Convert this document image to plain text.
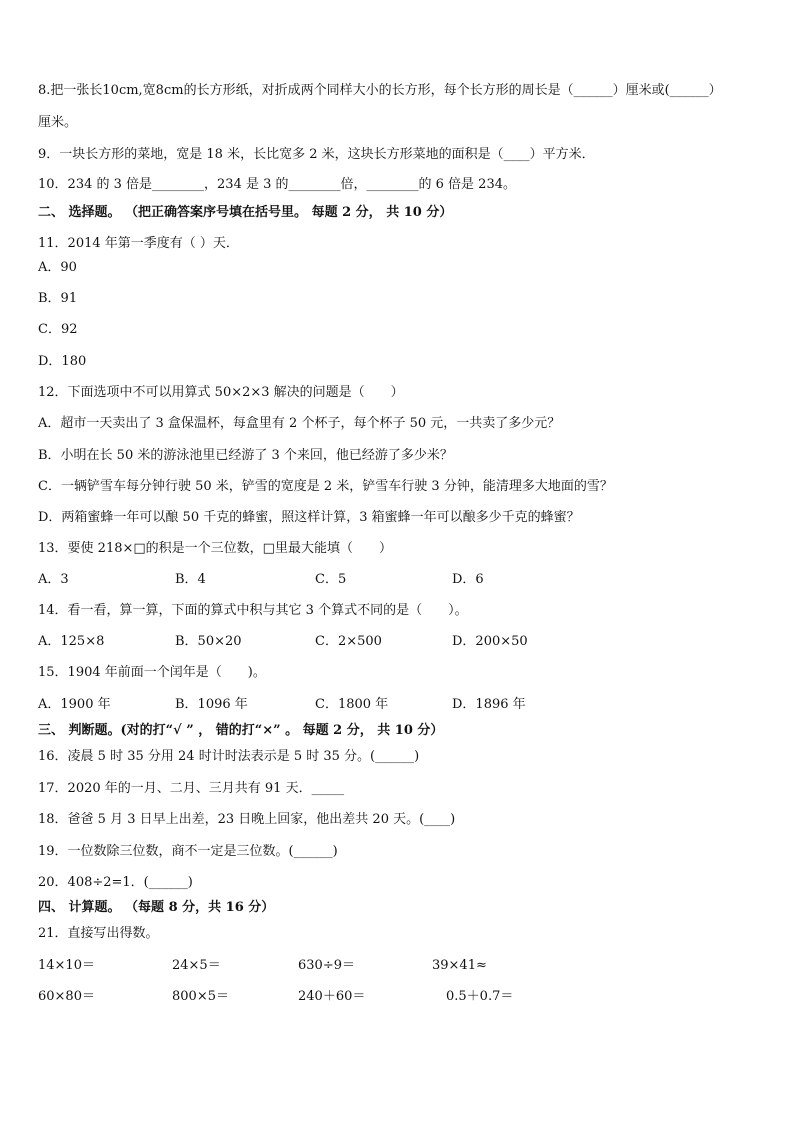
8.把一张长10cm,宽8cm的长方形纸，对折成两个同样大小的长方形，每个长方形的周长是（______）厘米或(______）
厘米。
9．一块长方形的菜地，宽是 18 米，长比宽多 2 米，这块长方形菜地的面积是（____）平方米．
10．234 的 3 倍是________，234 是 3 的________倍，________的 6 倍是 234。
二、 选择题。 （把正确答案序号填在括号里。 每题 2 分， 共 10 分）
11．2014 年第一季度有（ ）天．
A．90
B．91
C．92
D．180
12．下面选项中不可以用算式 50×2×3 解决的问题是（　　）
A．超市一天卖出了 3 盒保温杯，每盒里有 2 个杯子，每个杯子 50 元，一共卖了多少元？
B．小明在长 50 米的游泳池里已经游了 3 个来回，他已经游了多少米？
C．一辆铲雪车每分钟行驶 50 米，铲雪的宽度是 2 米，铲雪车行驶 3 分钟，能清理多大地面的雪？
D．两箱蜜蜂一年可以酿 50 千克的蜂蜜，照这样计算，3 箱蜜蜂一年可以酿多少千克的蜂蜜？
13．要使 218×□的积是一个三位数，□里最大能填（　　）
A．3	B．4	C．5	D．6
14．看一看，算一算，下面的算式中积与其它 3 个算式不同的是（　　）。
A．125×8	B．50×20	C．2×500	D．200×50
15．1904 年前面一个闰年是（　　)。
A．1900 年	B．1096 年	C．1800 年	D．1896 年
三、 判断题。(对的打“√ ” ， 错的打“×” 。 每题 2 分， 共 10 分）
16．凌晨 5 时 35 分用 24 时计时法表示是 5 时 35 分。(______)
17．2020 年的一月、二月、三月共有 91 天．_____
18．爸爸 5 月 3 日早上出差，23 日晚上回家，他出差共 20 天。(____)
19．一位数除三位数，商不一定是三位数。(______)
20．408÷2=1．(______)
四、 计算题。 （每题 8 分，共 16 分）
21．直接写出得数。
14×10＝	24×5＝	630÷9＝	39×41≈
60×80＝	800×5＝	240＋60＝	0.5＋0.7＝
